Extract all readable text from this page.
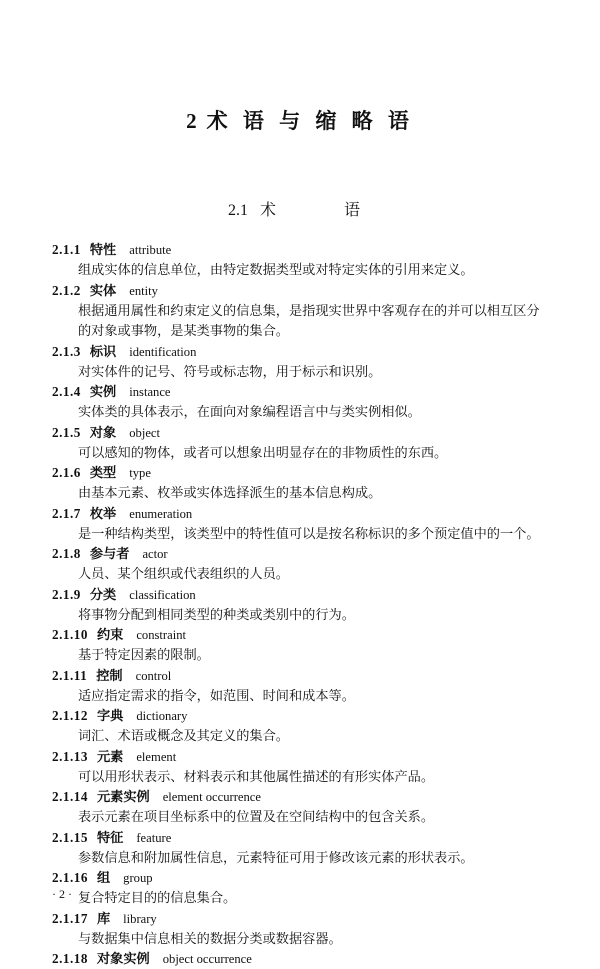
2 术 语 与 缩 略 语
2.1 术　　语
2.1.1 特性 attribute
组成实体的信息单位，由特定数据类型或对特定实体的引用来定义。
2.1.2 实体 entity
根据通用属性和约束定义的信息集，是指现实世界中客观存在的并可以相互区分的对象或事物，是某类事物的集合。
2.1.3 标识 identification
对实体件的记号、符号或标志物，用于标示和识别。
2.1.4 实例 instance
实体类的具体表示，在面向对象编程语言中与类实例相似。
2.1.5 对象 object
可以感知的物体，或者可以想象出明显存在的非物质性的东西。
2.1.6 类型 type
由基本元素、枚举或实体选择派生的基本信息构成。
2.1.7 枚举 enumeration
是一种结构类型，该类型中的特性值可以是按名称标识的多个预定值中的一个。
2.1.8 参与者 actor
人员、某个组织或代表组织的人员。
2.1.9 分类 classification
将事物分配到相同类型的种类或类别中的行为。
2.1.10 约束 constraint
基于特定因素的限制。
2.1.11 控制 control
适应指定需求的指令，如范围、时间和成本等。
2.1.12 字典 dictionary
词汇、术语或概念及其定义的集合。
2.1.13 元素 element
可以用形状表示、材料表示和其他属性描述的有形实体产品。
2.1.14 元素实例 element occurrence
表示元素在项目坐标系中的位置及在空间结构中的包含关系。
2.1.15 特征 feature
参数信息和附加属性信息，元素特征可用于修改该元素的形状表示。
2.1.16 组 group
复合特定目的的信息集合。
2.1.17 库 library
与数据集中信息相关的数据分类或数据容器。
2.1.18 对象实例 object occurrence
· 2 ·
